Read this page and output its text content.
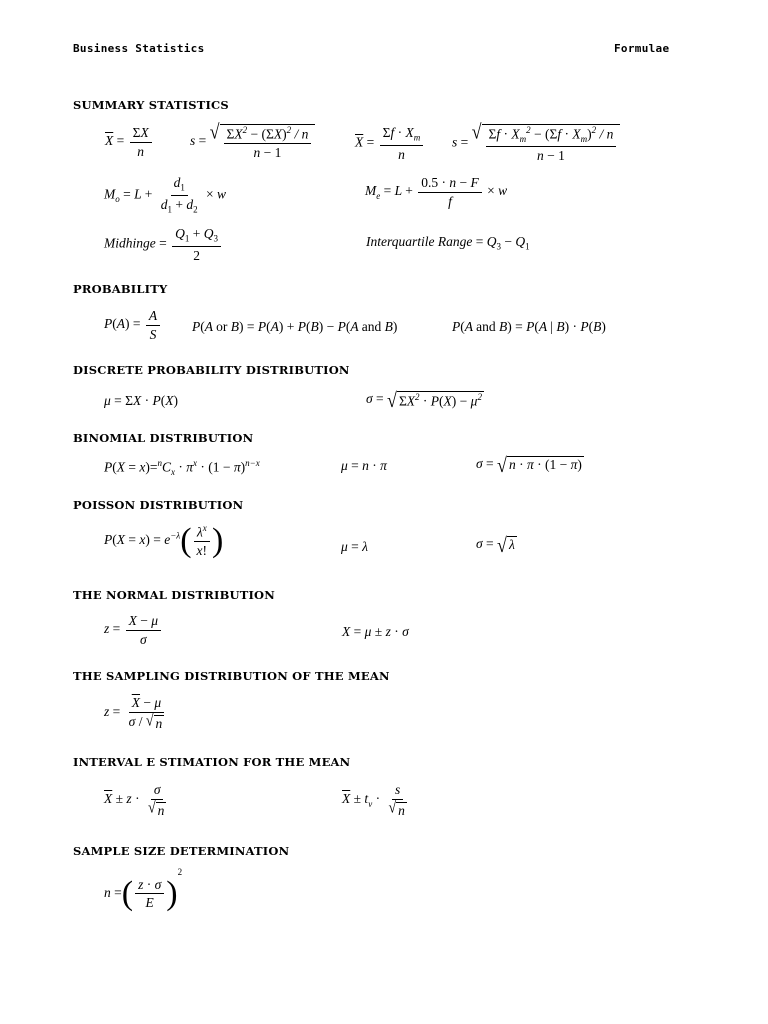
Business Statistics	Formulae
SUMMARY STATISTICS
$\overline{X} = \frac{\Sigma X}{n}$	s = √ $\frac{\Sigma X^2 - (\Sigma X)^2 / n}{n - 1}$	$\overline{X} = \frac{\Sigma f \cdot X_m}{n}$ s = √ $\frac{\Sigma f \cdot X_m^2 - (\Sigma f \cdot X_m)^2 / n}{n - 1}$
$M_o = L + \frac{d_1}{d_1 + d_2} \times w$	$M_e = L + \frac{0.5 \cdot n - F}{f} \times w$
Midhinge = $\frac{Q_1 + Q_3}{2}$	Interquartile Range = $Q_3 - Q_1$
PROBABILITY
$P(A) = \frac{A}{S} P(A$ or B) = P(A) + P(B) − P(A and B)	P(A and B) = P(A | B) · P(B)
DISCRETE PROBABILITY DISTRIBUTION
μ = ΣX · P(X)	σ = √ $\Sigma X^2 \cdot P(X) - \mu^2$
BINOMIAL DISTRIBUTION
$P(X = x)=^nC_x \cdot \pi^x \cdot (1 - \pi)^{n-x}$	μ = n · π	σ = √ n · π · (1 − π)
POISSON DISTRIBUTION
$P(X = x) = e^{-\lambda}( \frac{\lambda^x}{x!}$ )	μ = λ	σ = √ λ
THE NORMAL DISTRIBUTION
$z = \frac{X - \mu}{\sigma}$	X = μ ± z · σ
THE SAMPLING DISTRIBUTION OF THE MEAN
$z = \frac{\overline{X} - \mu}{\sigma / √ n}$
INTERVAL E STIMATION FOR THE MEAN
$\overline{X} \pm z \cdot \frac{\sigma}{√ n}$	$\overline{X} \pm t_\nu \cdot \frac{s}{√ n}$
SAMPLE SIZE DETERMINATION
n =( $\frac{z \cdot \sigma}{E} )^2$
